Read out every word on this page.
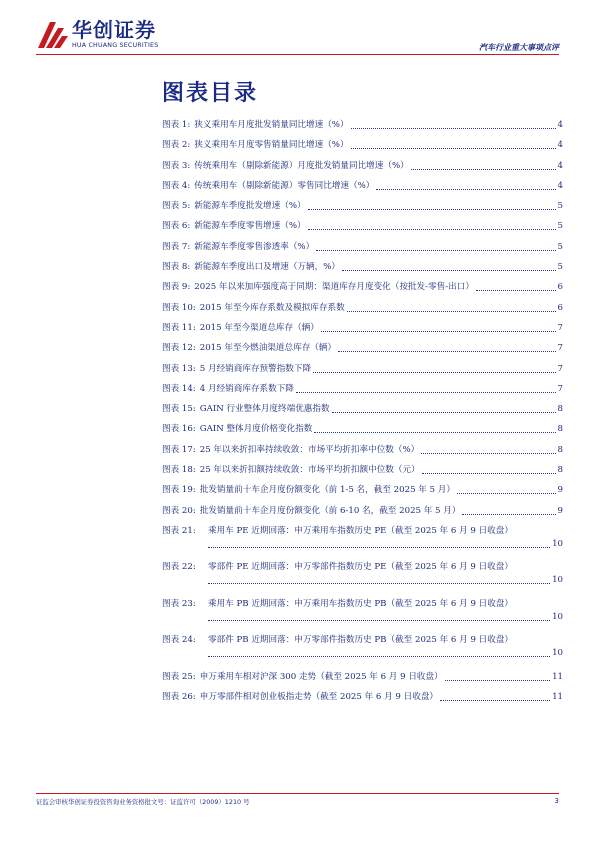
华创证券
HUA CHUANG SECURITIES	汽车行业重大事项点评
图表目录
图表 1: 狭义乘用车月度批发销量同比增速（%）	4
图表 2: 狭义乘用车月度零售销量同比增速（%）	4
图表 3: 传统乘用车（剔除新能源）月度批发销量同比增速（%）	4
图表 4: 传统乘用车（剔除新能源）零售同比增速（%）	4
图表 5: 新能源车季度批发增速（%）	5
图表 6: 新能源车季度零售增速（%）	5
图表 7: 新能源车季度零售渗透率（%）	5
图表 8: 新能源车季度出口及增速（万辆，%）	5
图表 9: 2025 年以来加库强度高于同期：渠道库存月度变化（按批发-零售-出口）	6
图表 10: 2015 年至今库存系数及模拟库存系数	6
图表 11: 2015 年至今渠道总库存（辆）	7
图表 12: 2015 年至今燃油渠道总库存（辆）	7
图表 13: 5 月经销商库存预警指数下降	7
图表 14: 4 月经销商库存系数下降	7
图表 15: GAIN 行业整体月度终端优惠指数	8
图表 16: GAIN 整体月度价格变化指数	8
图表 17: 25 年以来折扣率持续收敛：市场平均折扣率中位数（%）	8
图表 18: 25 年以来折扣额持续收敛：市场平均折扣额中位数（元）	8
图表 19: 批发销量前十车企月度份额变化（前 1-5 名，截至 2025 年 5 月）	9
图表 20: 批发销量前十车企月度份额变化（前 6-10 名，截至 2025 年 5 月）	9
图表 21:	乘用车 PE 近期回落：申万乘用车指数历史 PE（截至 2025 年 6 月 9 日收盘）
10
图表 22:	零部件 PE 近期回落：申万零部件指数历史 PE（截至 2025 年 6 月 9 日收盘）
10
图表 23:	乘用车 PB 近期回落：申万乘用车指数历史 PB（截至 2025 年 6 月 9 日收盘）
10
图表 24:	零部件 PB 近期回落：申万零部件指数历史 PB（截至 2025 年 6 月 9 日收盘）
10
图表 25: 申万乘用车相对沪深 300 走势（截至 2025 年 6 月 9 日收盘）	11
图表 26: 申万零部件相对创业板指走势（截至 2025 年 6 月 9 日收盘）	11
证监会审核华创证券投资咨询业务资格批文号：证监许可（2009）1210 号	3
